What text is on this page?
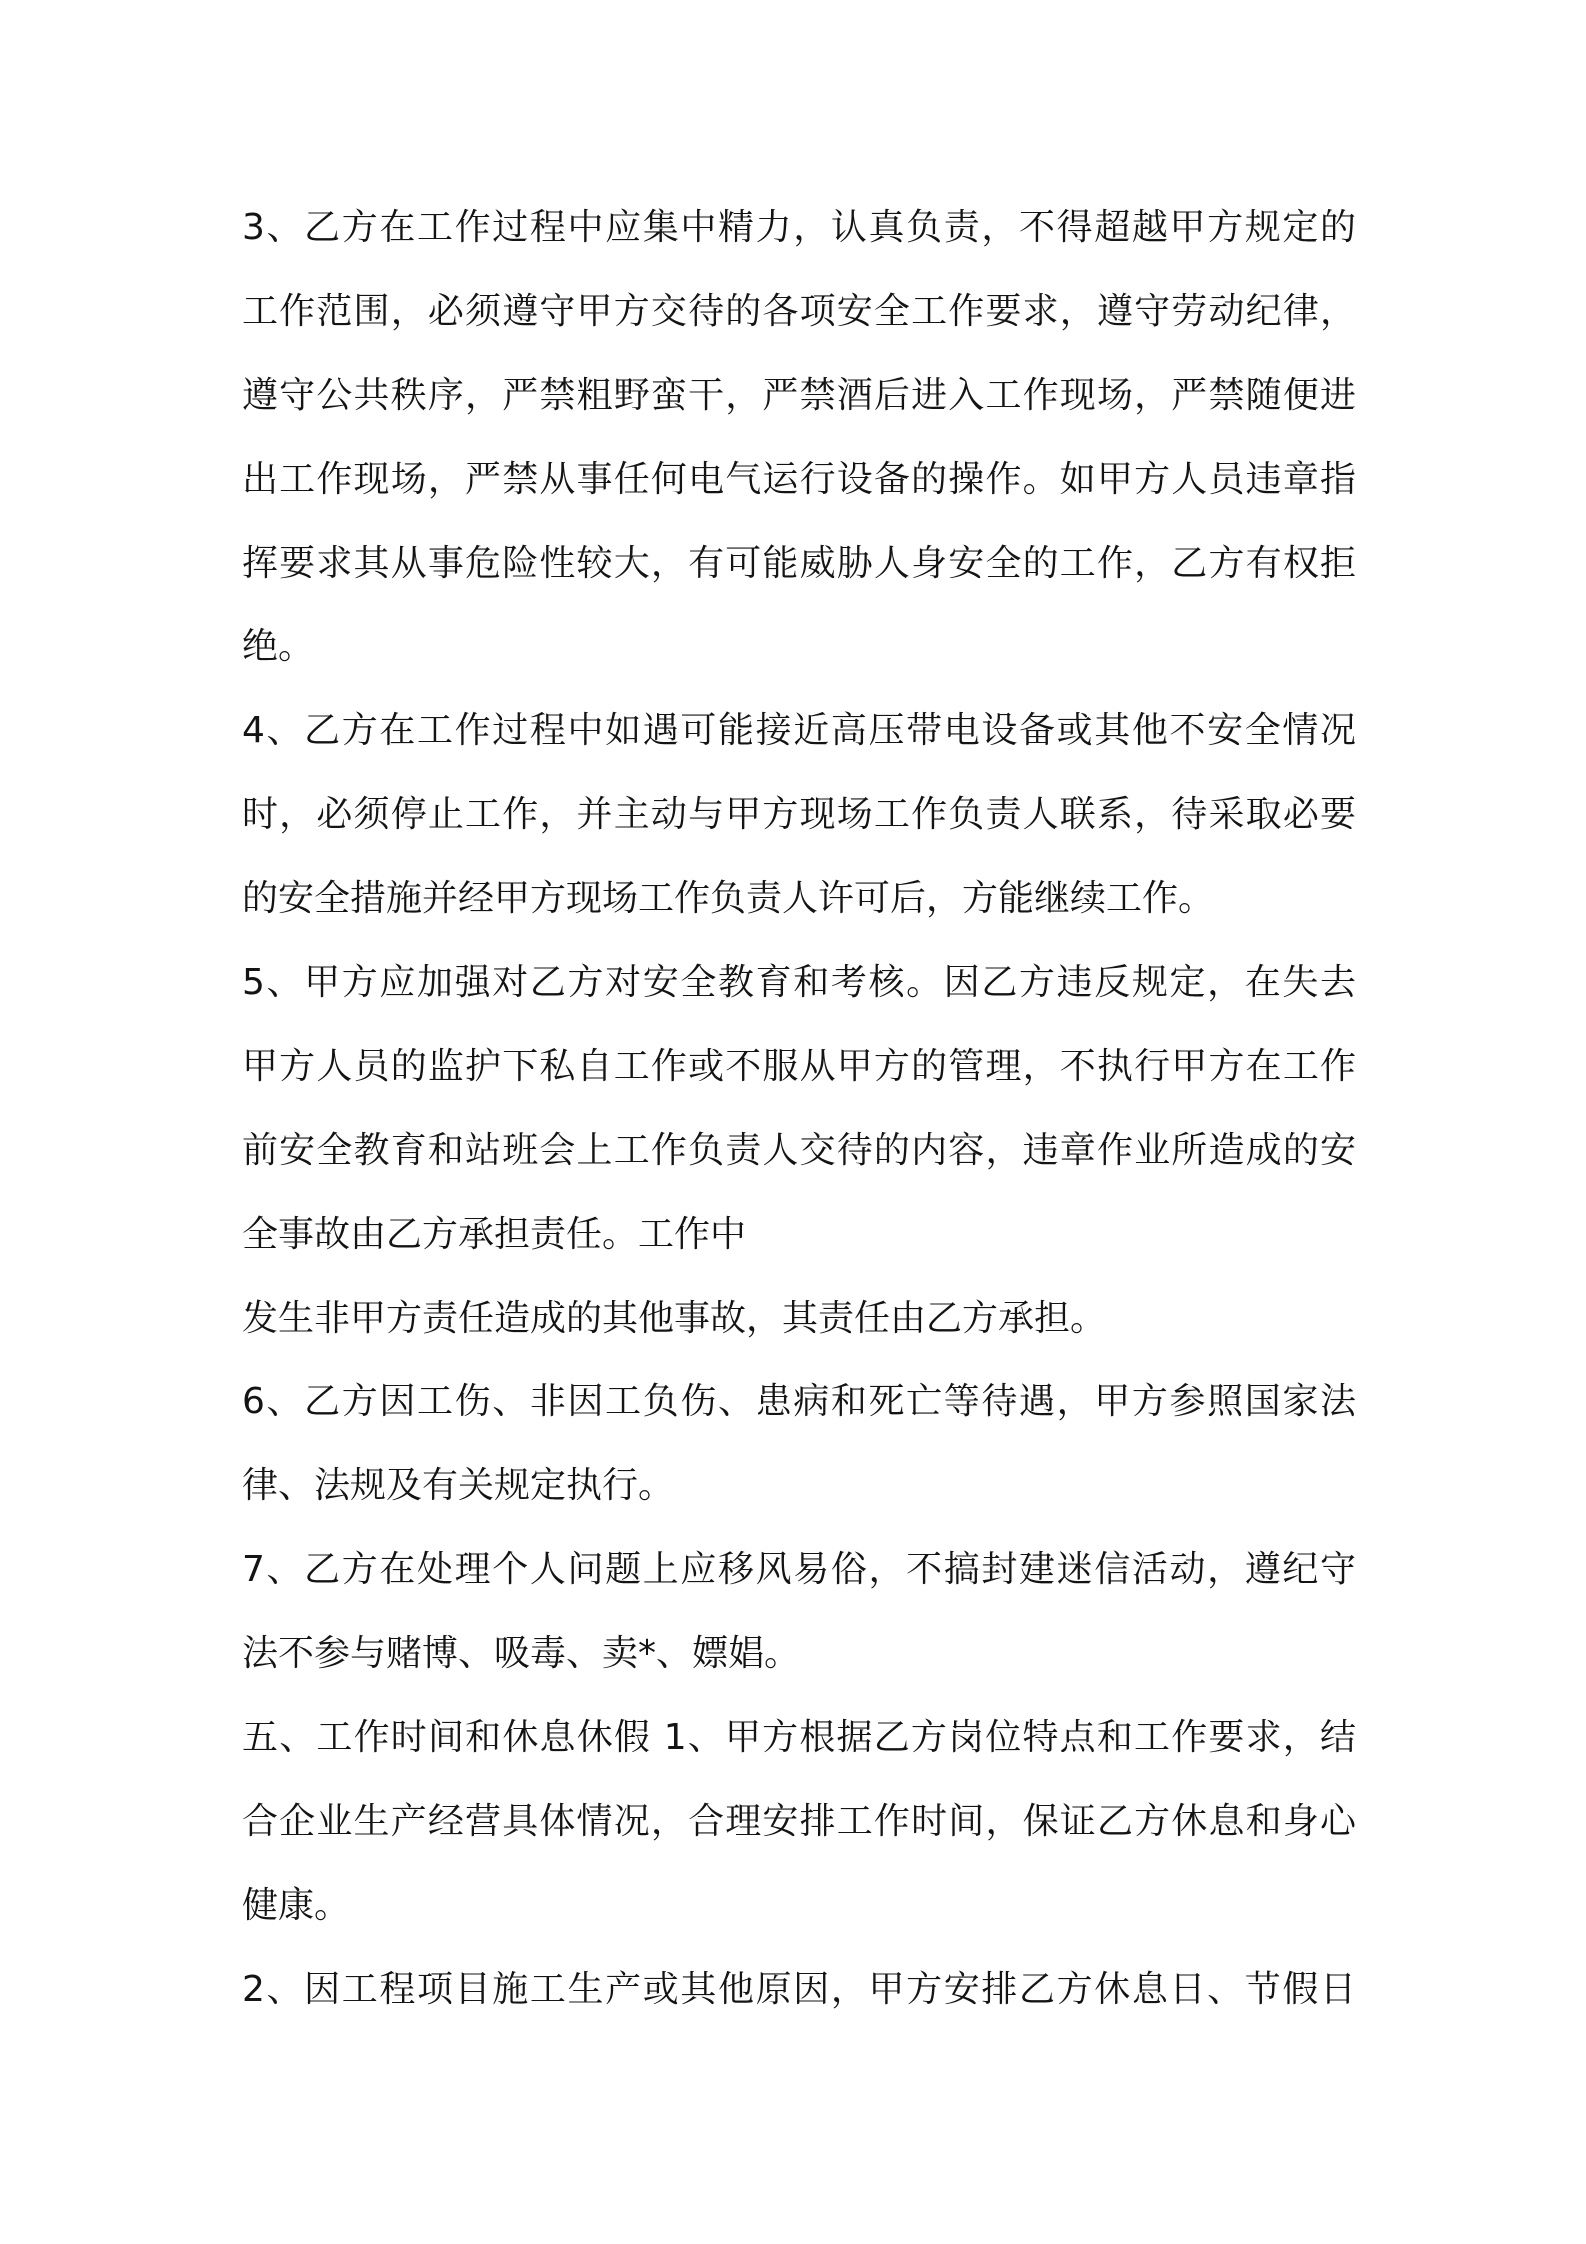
3、乙方在工作过程中应集中精力，认真负责，不得超越甲方规定的
工作范围，必须遵守甲方交待的各项安全工作要求，遵守劳动纪律，
遵守公共秩序，严禁粗野蛮干，严禁酒后进入工作现场，严禁随便进
出工作现场，严禁从事任何电气运行设备的操作。如甲方人员违章指
挥要求其从事危险性较大，有可能威胁人身安全的工作，乙方有权拒
绝。
4、乙方在工作过程中如遇可能接近高压带电设备或其他不安全情况
时，必须停止工作，并主动与甲方现场工作负责人联系，待采取必要
的安全措施并经甲方现场工作负责人许可后，方能继续工作。
5、甲方应加强对乙方对安全教育和考核。因乙方违反规定，在失去
甲方人员的监护下私自工作或不服从甲方的管理，不执行甲方在工作
前安全教育和站班会上工作负责人交待的内容，违章作业所造成的安
全事故由乙方承担责任。工作中
发生非甲方责任造成的其他事故，其责任由乙方承担。
6、乙方因工伤、非因工负伤、患病和死亡等待遇，甲方参照国家法
律、法规及有关规定执行。
7、乙方在处理个人问题上应移风易俗，不搞封建迷信活动，遵纪守
法不参与赌博、吸毒、卖*、嫖娼。
五、工作时间和休息休假 1、甲方根据乙方岗位特点和工作要求，结
合企业生产经营具体情况，合理安排工作时间，保证乙方休息和身心
健康。
2、因工程项目施工生产或其他原因，甲方安排乙方休息日、节假日
